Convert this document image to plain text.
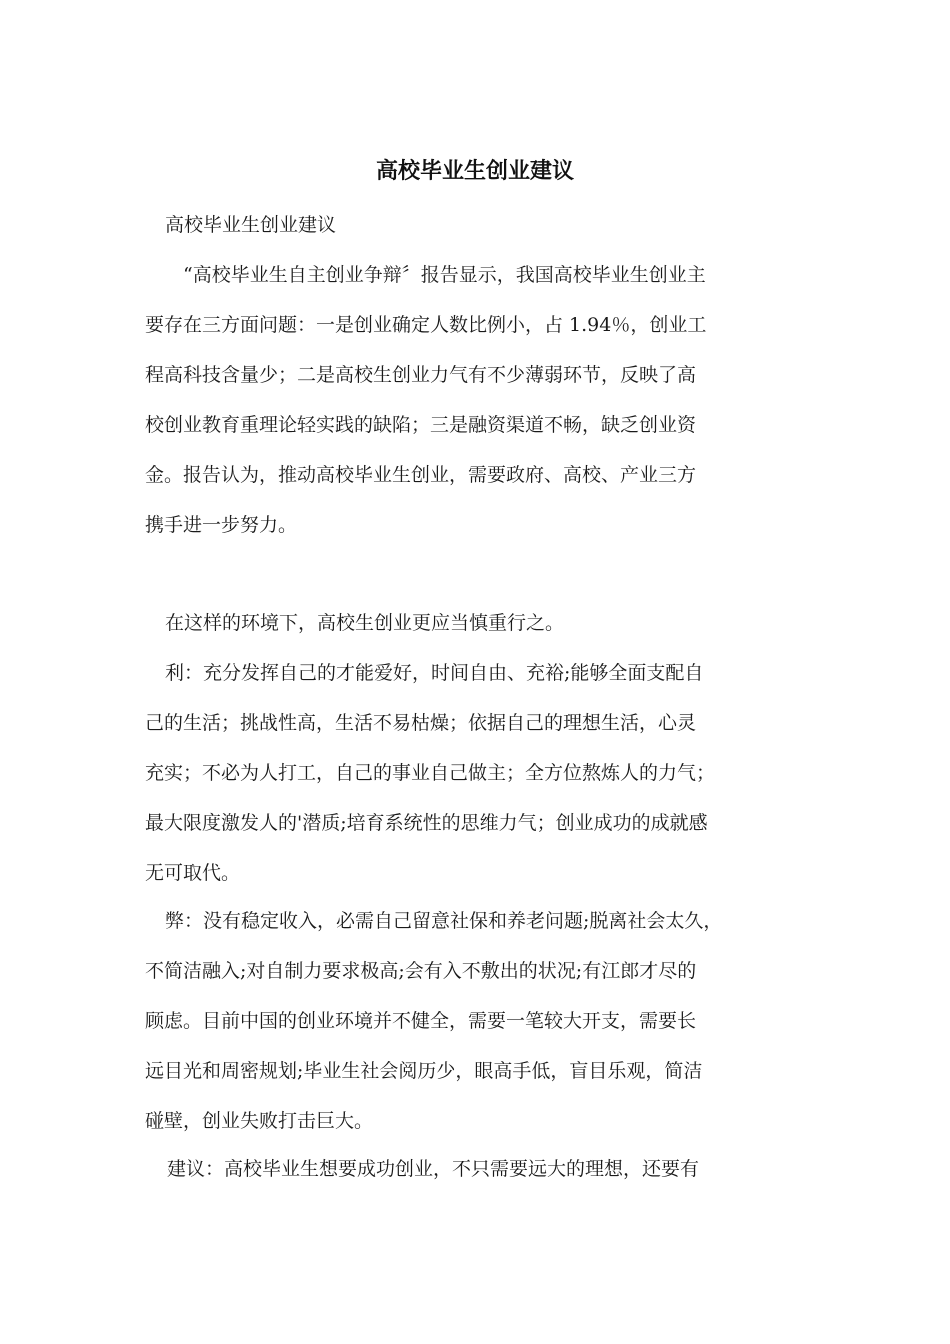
高校毕业生创业建议
高校毕业生创业建议
“高校毕业生自主创业争辩〞报告显示，我国高校毕业生创业主
要存在三方面问题：一是创业确定人数比例小，占 1.94％，创业工
程高科技含量少；二是高校生创业力气有不少薄弱环节，反映了高
校创业教育重理论轻实践的缺陷；三是融资渠道不畅，缺乏创业资
金。报告认为，推动高校毕业生创业，需要政府、高校、产业三方
携手进一步努力。
在这样的环境下，高校生创业更应当慎重行之。
利：充分发挥自己的才能爱好，时间自由、充裕;能够全面支配自
己的生活；挑战性高，生活不易枯燥；依据自己的理想生活，心灵
充实；不必为人打工，自己的事业自己做主；全方位熬炼人的力气；
最大限度激发人的'潜质;培育系统性的思维力气；创业成功的成就感
无可取代。
弊：没有稳定收入，必需自己留意社保和养老问题;脱离社会太久，
不简洁融入;对自制力要求极高;会有入不敷出的状况;有江郎才尽的
顾虑。目前中国的创业环境并不健全，需要一笔较大开支，需要长
远目光和周密规划;毕业生社会阅历少，眼高手低，盲目乐观，简洁
碰壁，创业失败打击巨大。
建议：高校毕业生想要成功创业，不只需要远大的理想，还要有
